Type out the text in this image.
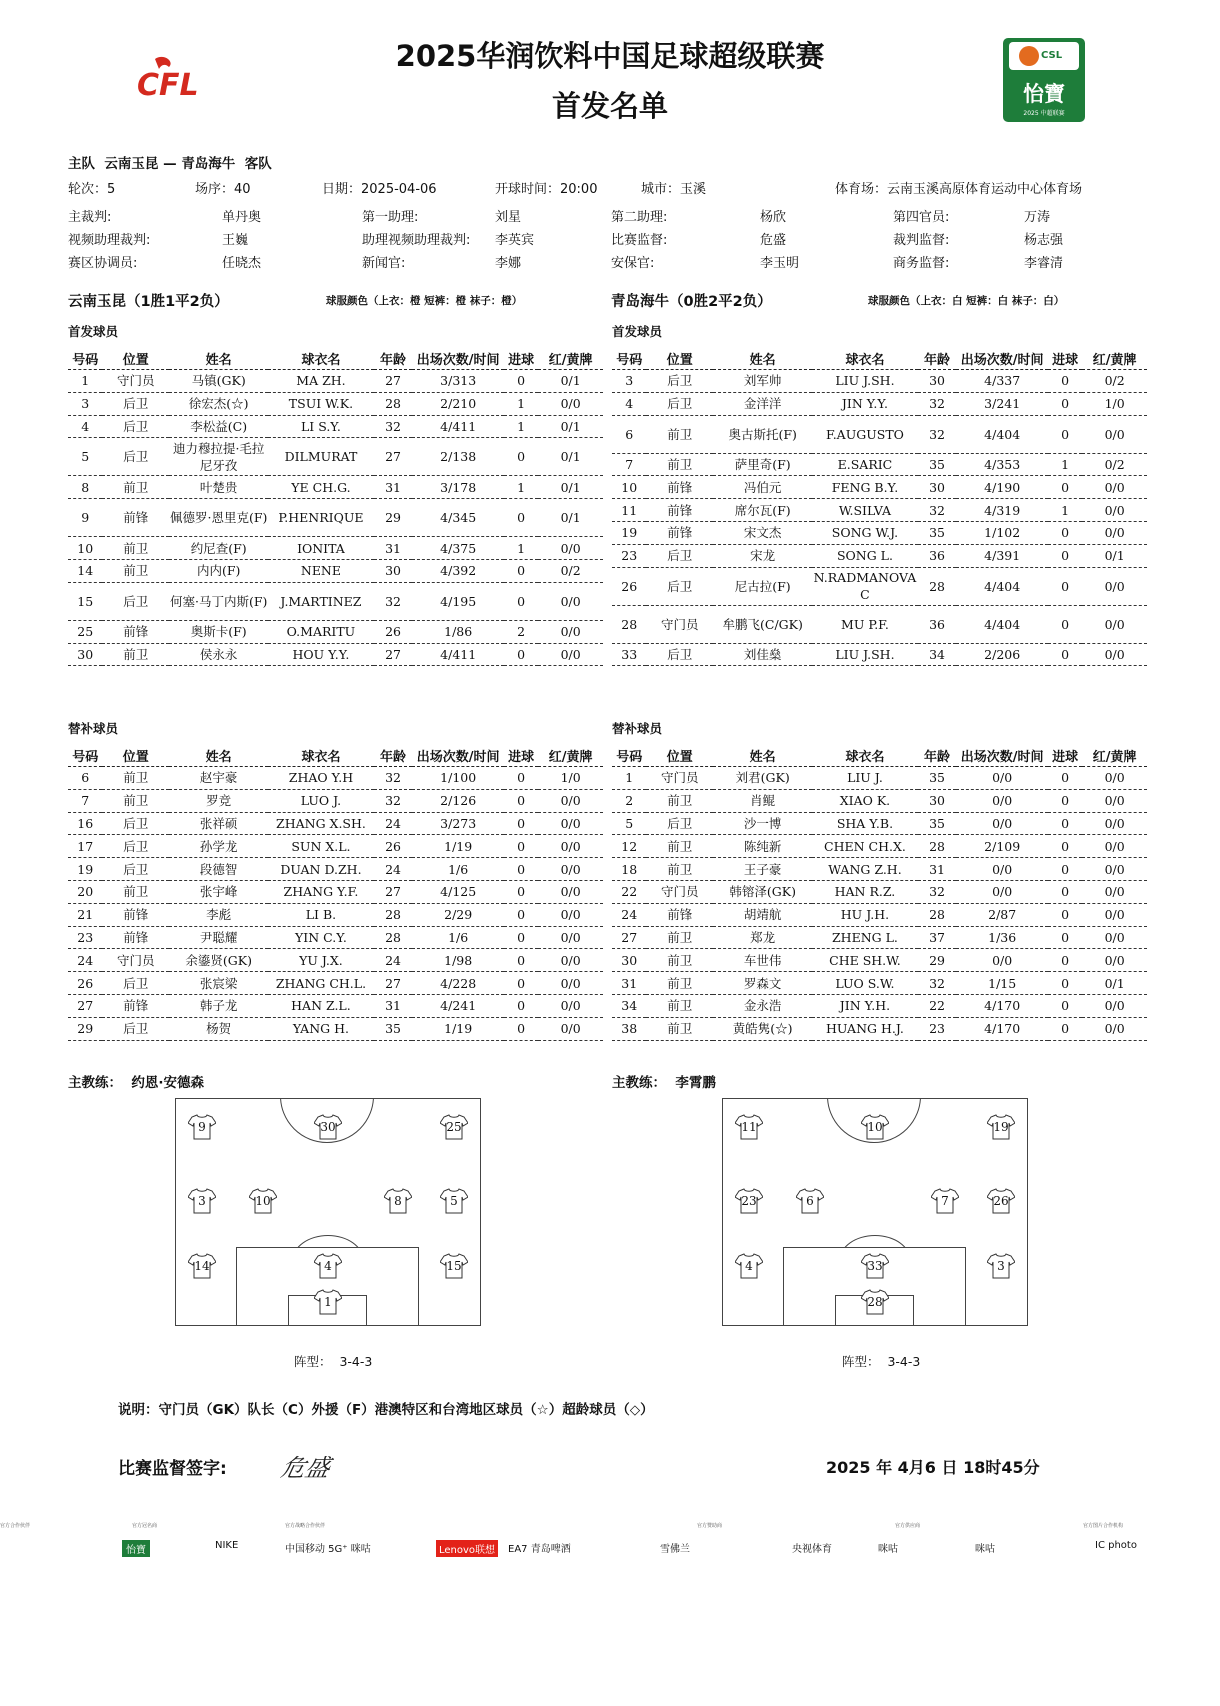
CFL
2025华润饮料中国足球超级联赛
首发名单
CSL
怡寶
2025 中超联赛
主队 云南玉昆 — 青岛海牛 客队
轮次：5	场序：40	日期：2025-04-06	开球时间：20:00	城市：玉溪	体育场：云南玉溪高原体育运动中心体育场
主裁判:	单丹奥	第一助理:	刘星	第二助理:	杨欣	第四官员:	万涛
视频助理裁判:	王巍	助理视频助理裁判: 李英宾	比赛监督:	危盛	裁判监督:	杨志强
赛区协调员:	任晓杰	新闻官:	李娜	安保官:	李玉明	商务监督:	李睿清
云南玉昆（1胜1平2负）	球服颜色（上衣：橙 短裤：橙 袜子：橙）	青岛海牛（0胜2平2负）	球服颜色（上衣：白 短裤：白 袜子：白）
首发球员	首发球员
号码	位置	姓名	球衣名	年龄	出场次数/时间	进球	红/黄牌
1	守门员	马镇(GK)	MA ZH.	27	3/313	0	0/1
3	后卫	徐宏杰(☆)	TSUI W.K.	28	2/210	1	0/0
4	后卫	李松益(C)	LI S.Y.	32	4/411	1	0/1
5	后卫	迪力穆拉提·毛拉尼牙孜	DILMURAT	27	2/138	0	0/1
8	前卫	叶楚贵	YE CH.G.	31	3/178	1	0/1
9	前锋	佩德罗·恩里克(F)	P.HENRIQUE	29	4/345	0	0/1
10	前卫	约尼查(F)	IONITA	31	4/375	1	0/0
14	前卫	内内(F)	NENE	30	4/392	0	0/2
15	后卫	何塞·马丁内斯(F)	J.MARTINEZ	32	4/195	0	0/0
25	前锋	奥斯卡(F)	O.MARITU	26	1/86	2	0/0
30	前卫	侯永永	HOU Y.Y.	27	4/411	0	0/0
号码	位置	姓名	球衣名	年龄	出场次数/时间	进球	红/黄牌
3	后卫	刘军帅	LIU J.SH.	30	4/337	0	0/2
4	后卫	金洋洋	JIN Y.Y.	32	3/241	0	1/0
6	前卫	奥古斯托(F)	F.AUGUSTO	32	4/404	0	0/0
7	前卫	萨里奇(F)	E.SARIC	35	4/353	1	0/2
10	前锋	冯伯元	FENG B.Y.	30	4/190	0	0/0
11	前锋	席尔瓦(F)	W.SILVA	32	4/319	1	0/0
19	前锋	宋文杰	SONG W.J.	35	1/102	0	0/0
23	后卫	宋龙	SONG L.	36	4/391	0	0/1
26	后卫	尼古拉(F)	N.RADMANOVAC	28	4/404	0	0/0
28	守门员	牟鹏飞(C/GK)	MU P.F.	36	4/404	0	0/0
33	后卫	刘佳燊	LIU J.SH.	34	2/206	0	0/0
替补球员	替补球员
号码	位置	姓名	球衣名	年龄	出场次数/时间	进球	红/黄牌
6	前卫	赵宇豪	ZHAO Y.H	32	1/100	0	1/0
7	前卫	罗竞	LUO J.	32	2/126	0	0/0
16	后卫	张祥硕	ZHANG X.SH.	24	3/273	0	0/0
17	后卫	孙学龙	SUN X.L.	26	1/19	0	0/0
19	后卫	段德智	DUAN D.ZH.	24	1/6	0	0/0
20	前卫	张宇峰	ZHANG Y.F.	27	4/125	0	0/0
21	前锋	李彪	LI B.	28	2/29	0	0/0
23	前锋	尹聪耀	YIN C.Y.	28	1/6	0	0/0
24	守门员	余鎏贤(GK)	YU J.X.	24	1/98	0	0/0
26	后卫	张宸梁	ZHANG CH.L.	27	4/228	0	0/0
27	前锋	韩子龙	HAN Z.L.	31	4/241	0	0/0
29	后卫	杨贺	YANG H.	35	1/19	0	0/0
号码	位置	姓名	球衣名	年龄	出场次数/时间	进球	红/黄牌
1	守门员	刘君(GK)	LIU J.	35	0/0	0	0/0
2	前卫	肖鲲	XIAO K.	30	0/0	0	0/0
5	后卫	沙一博	SHA Y.B.	35	0/0	0	0/0
12	前卫	陈纯新	CHEN CH.X.	28	2/109	0	0/0
18	前卫	王子豪	WANG Z.H.	31	0/0	0	0/0
22	守门员	韩镕泽(GK)	HAN R.Z.	32	0/0	0	0/0
24	前锋	胡靖航	HU J.H.	28	2/87	0	0/0
27	前卫	郑龙	ZHENG L.	37	1/36	0	0/0
30	前卫	车世伟	CHE SH.W.	29	0/0	0	0/0
31	前卫	罗森文	LUO S.W.	32	1/15	0	0/1
34	前卫	金永浩	JIN Y.H.	22	4/170	0	0/0
38	前卫	黄皓隽(☆)	HUANG H.J.	23	4/170	0	0/0
主教练：  约恩·安德森	主教练：  李霄鹏
9	30	25
3	10	8	5
14	4	15
1
11	10	19
23	6	7	26
4	33	3
28
阵型：  3-4-3	阵型：  3-4-3
说明：守门员（GK）队长（C）外援（F）港澳特区和台湾地区球员（☆）超龄球员（◇）
比赛监督签字: 危盛	2025 年 4月6 日 18时45分
官方冠名商
怡寶	NIKE
官方战略合作伙伴
中国移动 5G⁺ 咪咕
官方合作伙伴
Lenovo联想	EA7 青岛啤酒
官方赞助商
雪佛兰	央视体育
官方供应商
咪咕	咪咕
官方图片合作机构
IC photo
